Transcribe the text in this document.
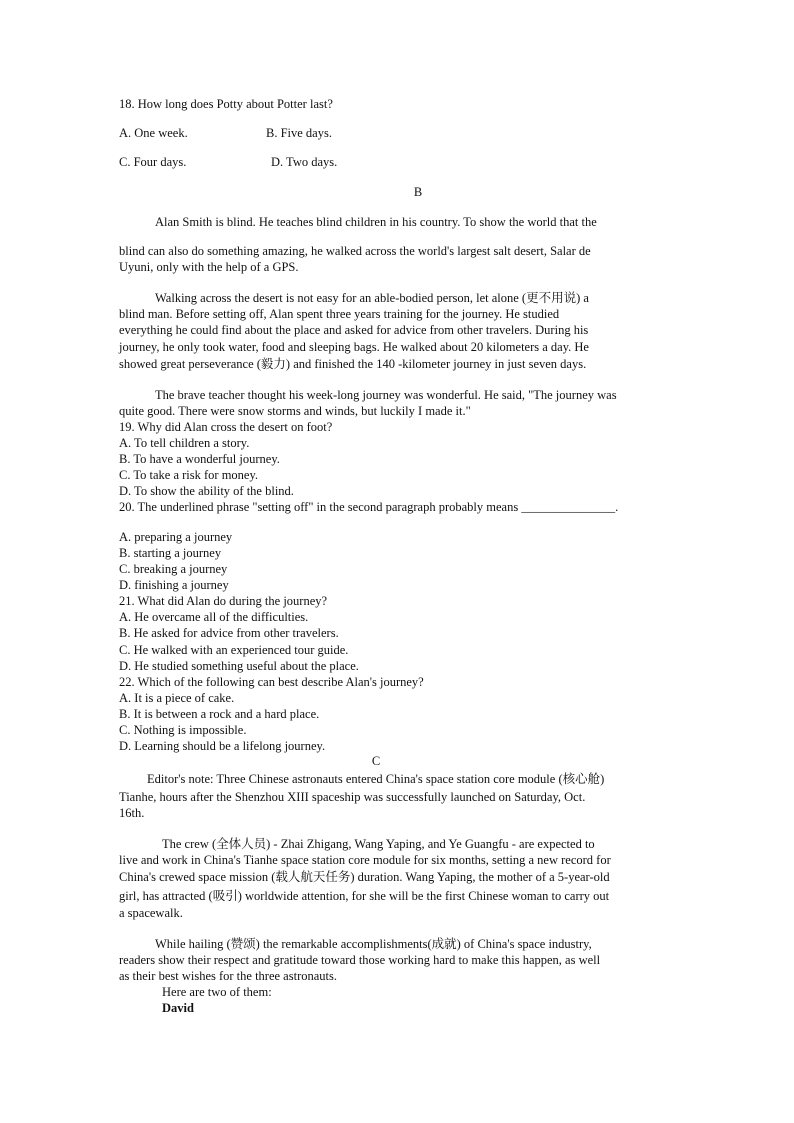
18. How long does Potty about Potter last?
A. One week.	B. Five days.
C. Four days.	D. Two days.
B
Alan Smith is blind. He teaches blind children in his country. To show the world that the
blind can also do something amazing, he walked across the world's largest salt desert, Salar de
Uyuni, only with the help of a GPS.
Walking across the desert is not easy for an able-bodied person, let alone (更不用说) a
blind man. Before setting off, Alan spent three years training for the journey. He studied
everything he could find about the place and asked for advice from other travelers. During his
journey, he only took water, food and sleeping bags. He walked about 20 kilometers a day. He
showed great perseverance (毅力) and finished the 140 -kilometer journey in just seven days.
The brave teacher thought his week-long journey was wonderful. He said, "The journey was
quite good. There were snow storms and winds, but luckily I made it."
19. Why did Alan cross the desert on foot?
A. To tell children a story.
B. To have a wonderful journey.
C. To take a risk for money.
D. To show the ability of the blind.
20. The underlined phrase "setting off" in the second paragraph probably means _______________.
A. preparing a journey
B. starting a journey
C. breaking a journey
D. finishing a journey
21. What did Alan do during the journey?
A. He overcame all of the difficulties.
B. He asked for advice from other travelers.
C. He walked with an experienced tour guide.
D. He studied something useful about the place.
22. Which of the following can best describe Alan's journey?
A. It is a piece of cake.
B. It is between a rock and a hard place.
C. Nothing is impossible.
D. Learning should be a lifelong journey.
C
Editor's note: Three Chinese astronauts entered China's space station core module (核心舱)
Tianhe, hours after the Shenzhou XIII spaceship was successfully launched on Saturday, Oct.
16th.
The crew (全体人员) - Zhai Zhigang, Wang Yaping, and Ye Guangfu - are expected to
live and work in China's Tianhe space station core module for six months, setting a new record for
China's crewed space mission (载人航天任务) duration. Wang Yaping, the mother of a 5-year-old
girl, has attracted (吸引) worldwide attention, for she will be the first Chinese woman to carry out
a spacewalk.
While hailing (赞颂) the remarkable accomplishments(成就) of China's space industry,
readers show their respect and gratitude toward those working hard to make this happen, as well
as their best wishes for the three astronauts.
Here are two of them:
David
